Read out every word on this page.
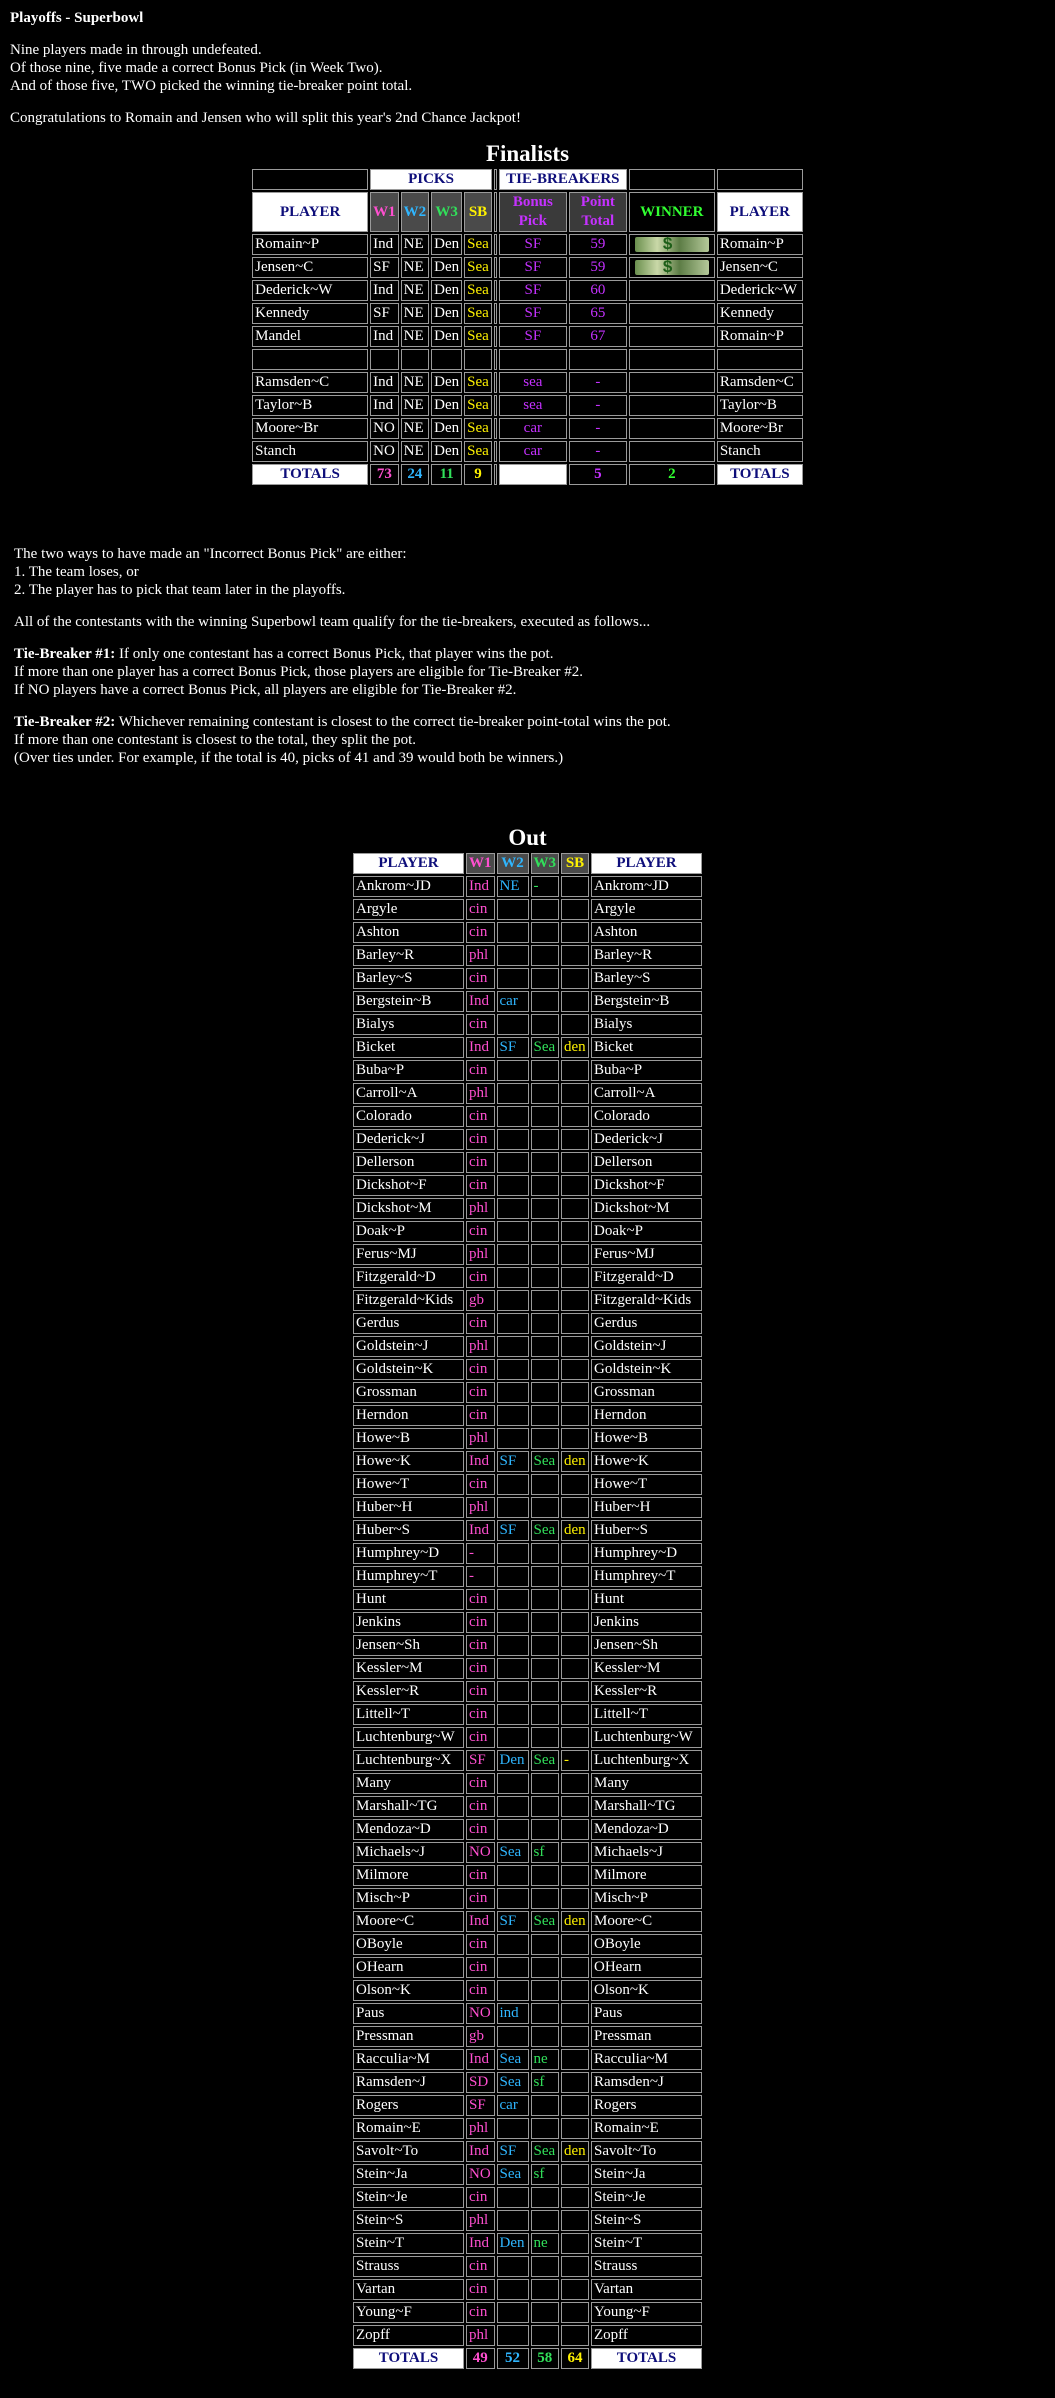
Playoffs - Superbowl
Nine players made in through undefeated.
Of those nine, five made a correct Bonus Pick (in Week Two).
And of those five, TWO picked the winning tie-breaker point total.
Congratulations to Romain and Jensen who will split this year's 2nd Chance Jackpot!
Finalists
	PICKS					TIE-BREAKERS			
PLAYER	W1	W2	W3	SB		Bonus Pick	Point Total	WINNER	PLAYER
Romain~P	Ind	NE	Den	Sea		SF	59	$	Romain~P
Jensen~C	SF	NE	Den	Sea		SF	59	$	Jensen~C
Dederick~W	Ind	NE	Den	Sea		SF	60		Dederick~W
Kennedy	SF	NE	Den	Sea		SF	65		Kennedy
Mandel	Ind	NE	Den	Sea		SF	67		Romain~P

Ramsden~C	Ind	NE	Den	Sea		sea	-		Ramsden~C
Taylor~B	Ind	NE	Den	Sea		sea	-		Taylor~B
Moore~Br	NO	NE	Den	Sea		car	-		Moore~Br
Stanch	NO	NE	Den	Sea		car	-		Stanch
TOTALS	73	24	11	9			5	2	TOTALS
The two ways to have made an "Incorrect Bonus Pick" are either:
1. The team loses, or
2. The player has to pick that team later in the playoffs.
All of the contestants with the winning Superbowl team qualify for the tie-breakers, executed as follows...
Tie-Breaker #1: If only one contestant has a correct Bonus Pick, that player wins the pot.
If more than one player has a correct Bonus Pick, those players are eligible for Tie-Breaker #2.
If NO players have a correct Bonus Pick, all players are eligible for Tie-Breaker #2.
Tie-Breaker #2: Whichever remaining contestant is closest to the correct tie-breaker point-total wins the pot.
If more than one contestant is closest to the total, they split the pot.
(Over ties under. For example, if the total is 40, picks of 41 and 39 would both be winners.)
Out
PLAYER	W1	W2	W3	SB	PLAYER
Ankrom~JD	Ind	NE	-		Ankrom~JD
Argyle	cin				Argyle
Ashton	cin				Ashton
Barley~R	phl				Barley~R
Barley~S	cin				Barley~S
Bergstein~B	Ind	car			Bergstein~B
Bialys	cin				Bialys
Bicket	Ind	SF	Sea	den	Bicket
Buba~P	cin				Buba~P
Carroll~A	phl				Carroll~A
Colorado	cin				Colorado
Dederick~J	cin				Dederick~J
Dellerson	cin				Dellerson
Dickshot~F	cin				Dickshot~F
Dickshot~M	phl				Dickshot~M
Doak~P	cin				Doak~P
Ferus~MJ	phl				Ferus~MJ
Fitzgerald~D	cin				Fitzgerald~D
Fitzgerald~Kids	gb				Fitzgerald~Kids
Gerdus	cin				Gerdus
Goldstein~J	phl				Goldstein~J
Goldstein~K	cin				Goldstein~K
Grossman	cin				Grossman
Herndon	cin				Herndon
Howe~B	phl				Howe~B
Howe~K	Ind	SF	Sea	den	Howe~K
Howe~T	cin				Howe~T
Huber~H	phl				Huber~H
Huber~S	Ind	SF	Sea	den	Huber~S
Humphrey~D	-				Humphrey~D
Humphrey~T	-				Humphrey~T
Hunt	cin				Hunt
Jenkins	cin				Jenkins
Jensen~Sh	cin				Jensen~Sh
Kessler~M	cin				Kessler~M
Kessler~R	cin				Kessler~R
Littell~T	cin				Littell~T
Luchtenburg~W	cin				Luchtenburg~W
Luchtenburg~X	SF	Den	Sea	-	Luchtenburg~X
Many	cin				Many
Marshall~TG	cin				Marshall~TG
Mendoza~D	cin				Mendoza~D
Michaels~J	NO	Sea	sf		Michaels~J
Milmore	cin				Milmore
Misch~P	cin				Misch~P
Moore~C	Ind	SF	Sea	den	Moore~C
OBoyle	cin				OBoyle
OHearn	cin				OHearn
Olson~K	cin				Olson~K
Paus	NO	ind			Paus
Pressman	gb				Pressman
Racculia~M	Ind	Sea	ne		Racculia~M
Ramsden~J	SD	Sea	sf		Ramsden~J
Rogers	SF	car			Rogers
Romain~E	phl				Romain~E
Savolt~To	Ind	SF	Sea	den	Savolt~To
Stein~Ja	NO	Sea	sf		Stein~Ja
Stein~Je	cin				Stein~Je
Stein~S	phl				Stein~S
Stein~T	Ind	Den	ne		Stein~T
Strauss	cin				Strauss
Vartan	cin				Vartan
Young~F	cin				Young~F
Zopff	phl				Zopff
TOTALS	49	52	58	64	TOTALS
